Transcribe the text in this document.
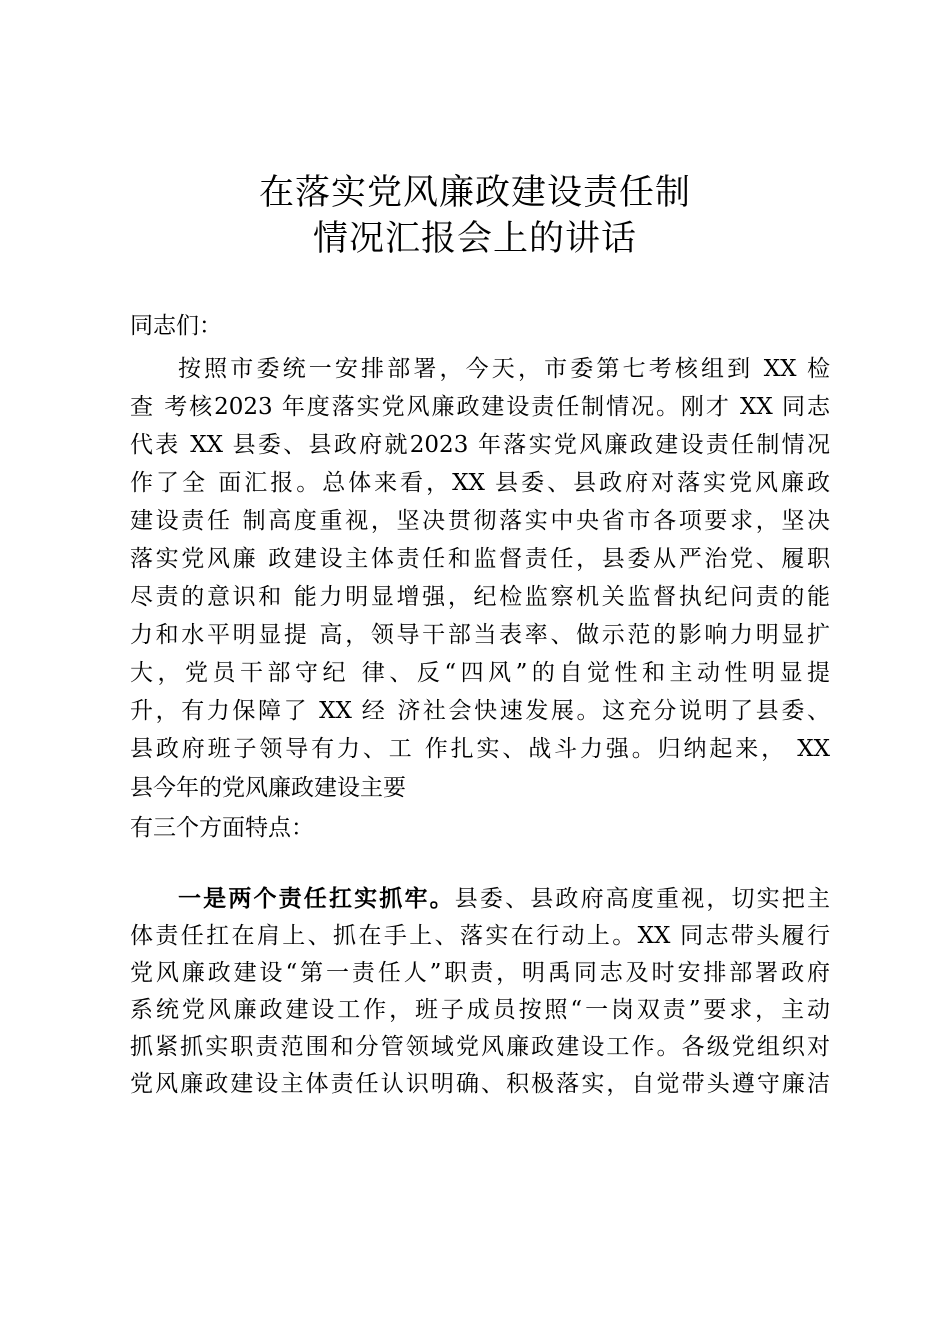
在落实党风廉政建设责任制
情况汇报会上的讲话
同志们：
按照市委统一安排部署，今天，市委第七考核组到 XX 检
查 考核2023 年度落实党风廉政建设责任制情况。刚才 XX 同志
代表 XX 县委、县政府就2023 年落实党风廉政建设责任制情况
作了全 面汇报。总体来看，XX 县委、县政府对落实党风廉政
建设责任 制高度重视，坚决贯彻落实中央省市各项要求，坚决
落实党风廉 政建设主体责任和监督责任，县委从严治党、履职
尽责的意识和 能力明显增强，纪检监察机关监督执纪问责的能
力和水平明显提 高，领导干部当表率、做示范的影响力明显扩
大，党员干部守纪 律、反“四风”的自觉性和主动性明显提
升，有力保障了 XX 经 济社会快速发展。这充分说明了县委、
县政府班子领导有力、工 作扎实、战斗力强。归纳起来， XX
县今年的党风廉政建设主要
有三个方面特点：
一是两个责任扛实抓牢。县委、县政府高度重视，切实把主
体责任扛在肩上、抓在手上、落实在行动上。XX 同志带头履行
党风廉政建设“第一责任人”职责，明禹同志及时安排部署政府
系统党风廉政建设工作，班子成员按照“一岗双责”要求，主动
抓紧抓实职责范围和分管领域党风廉政建设工作。各级党组织对
党风廉政建设主体责任认识明确、积极落实，自觉带头遵守廉洁
